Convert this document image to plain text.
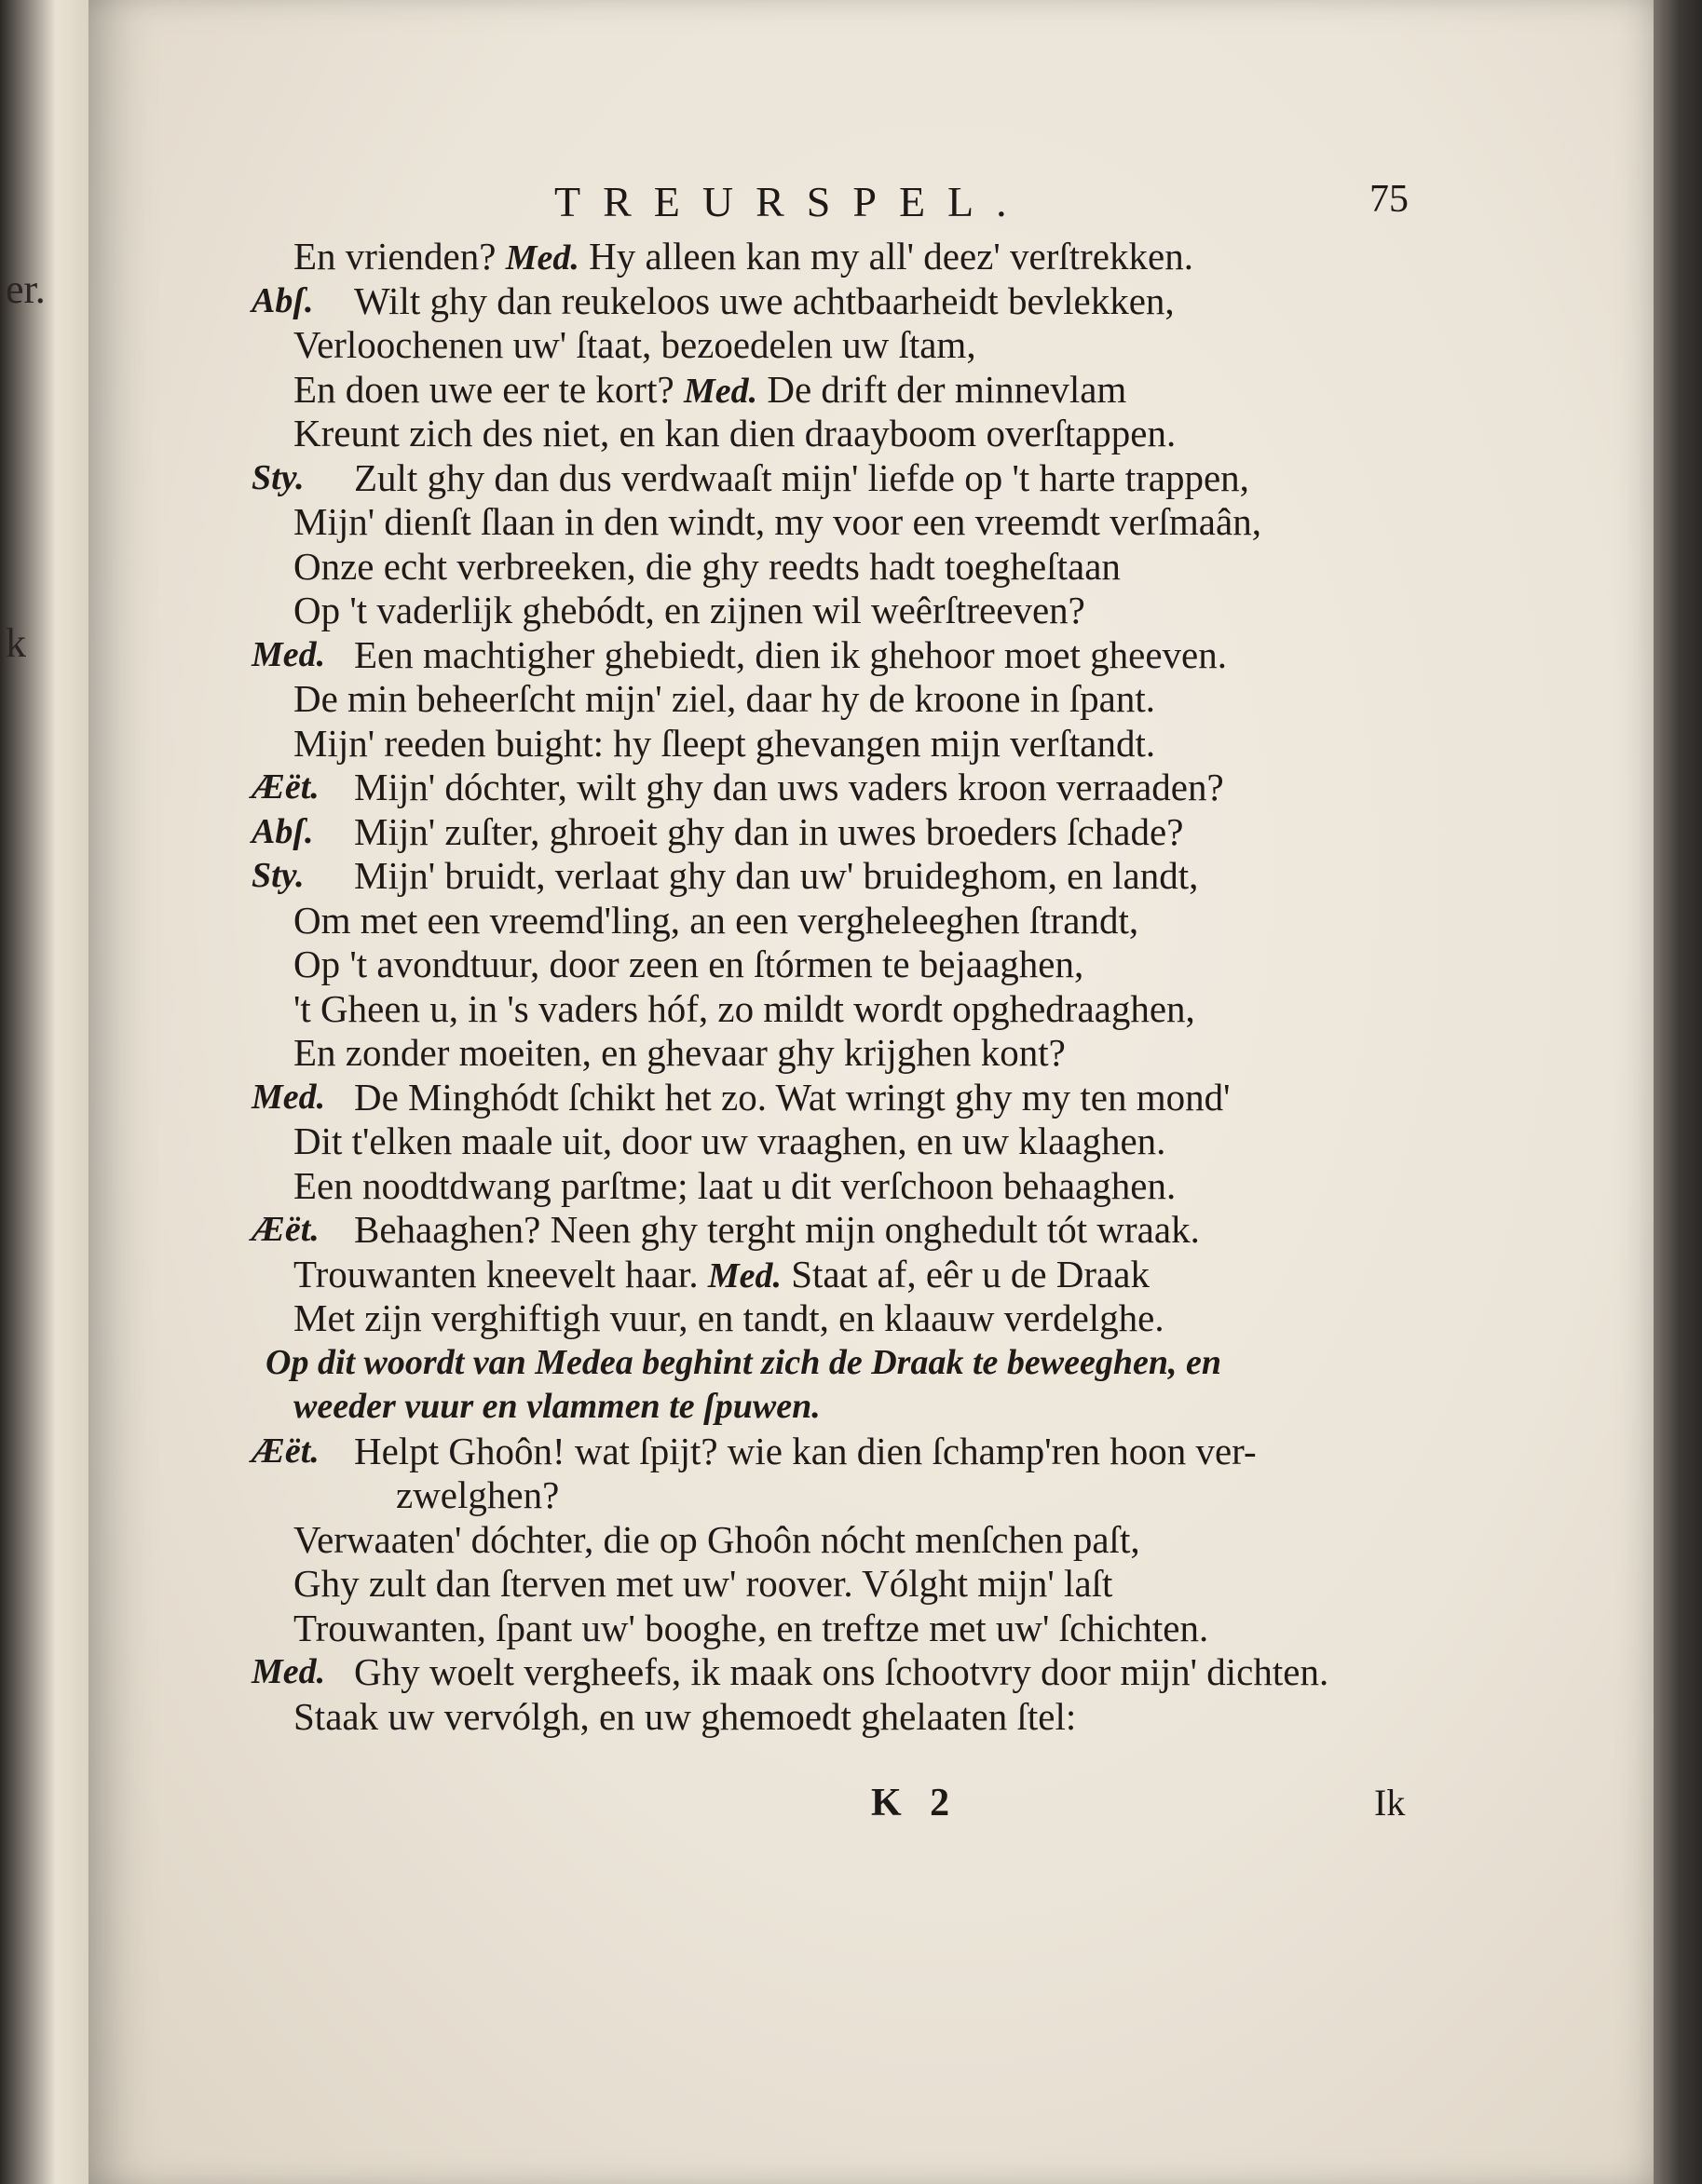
er.
k
TREURSPEL.	75
En vrienden? Med. Hy alleen kan my all' deez' verſtrekken.
Abſ. Wilt ghy dan reukeloos uwe achtbaarheidt bevlekken,
Verloochenen uw' ſtaat, bezoedelen uw ſtam,
En doen uwe eer te kort? Med. De drift der minnevlam
Kreunt zich des niet, en kan dien draayboom overſtappen.
Sty. Zult ghy dan dus verdwaaſt mijn' liefde op 't harte trappen,
Mijn' dienſt ſlaan in den windt, my voor een vreemdt verſmaân,
Onze echt verbreeken, die ghy reedts hadt toegheſtaan
Op 't vaderlijk ghebódt, en zijnen wil weêrſtreeven?
Med. Een machtigher ghebiedt, dien ik ghehoor moet gheeven.
De min beheerſcht mijn' ziel, daar hy de kroone in ſpant.
Mijn' reeden buight: hy ſleept ghevangen mijn verſtandt.
Æët. Mijn' dóchter, wilt ghy dan uws vaders kroon verraaden?
Abſ. Mijn' zuſter, ghroeit ghy dan in uwes broeders ſchade?
Sty. Mijn' bruidt, verlaat ghy dan uw' bruideghom, en landt,
Om met een vreemd'ling, an een vergheleeghen ſtrandt,
Op 't avondtuur, door zeen en ſtórmen te bejaaghen,
't Gheen u, in 's vaders hóf, zo mildt wordt opghedraaghen,
En zonder moeiten, en ghevaar ghy krijghen kont?
Med. De Minghódt ſchikt het zo. Wat wringt ghy my ten mond'
Dit t'elken maale uit, door uw vraaghen, en uw klaaghen.
Een noodtdwang parſtme; laat u dit verſchoon behaaghen.
Æët. Behaaghen? Neen ghy terght mijn onghedult tót wraak.
Trouwanten kneevelt haar. Med. Staat af, eêr u de Draak
Met zijn verghiftigh vuur, en tandt, en klaauw verdelghe.
Op dit woordt van Medea beghint zich de Draak te beweeghen, en
weeder vuur en vlammen te ſpuwen.
Æët. Helpt Ghoôn! wat ſpijt? wie kan dien ſchamp'ren hoon ver-
zwelghen?
Verwaaten' dóchter, die op Ghoôn nócht menſchen paſt,
Ghy zult dan ſterven met uw' roover. Vólght mijn' laſt
Trouwanten, ſpant uw' booghe, en treftze met uw' ſchichten.
Med. Ghy woelt vergheefs, ik maak ons ſchootvry door mijn' dichten.
Staak uw vervólgh, en uw ghemoedt ghelaaten ſtel:
K 2	Ik
